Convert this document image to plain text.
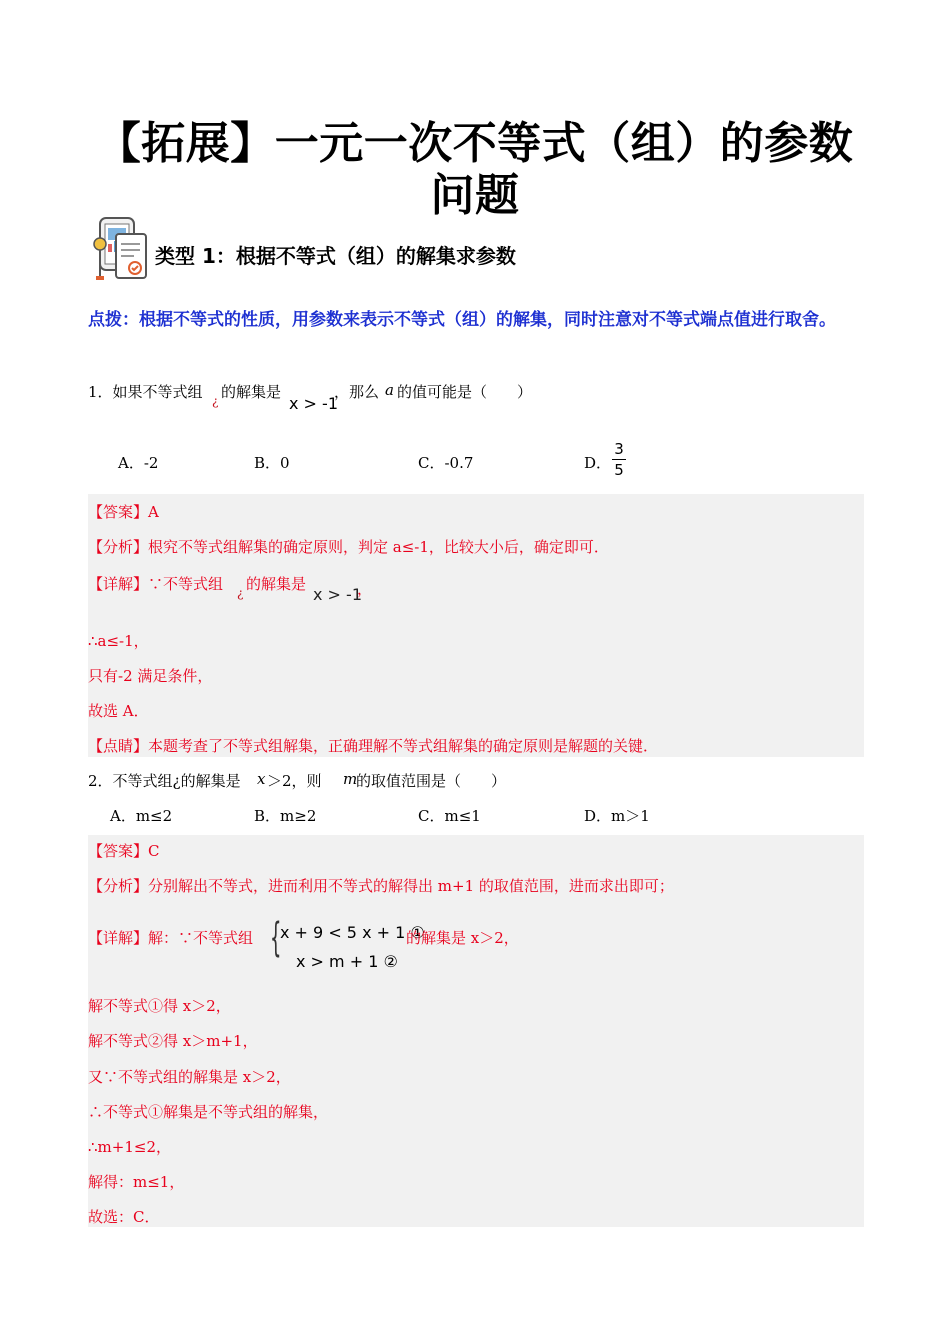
【拓展】一元一次不等式（组）的参数问题
类型 1：根据不等式（组）的解集求参数
点拨：根据不等式的性质，用参数来表示不等式（组）的解集，同时注意对不等式端点值进行取舍。
1．如果不等式组 ¿ 的解集是
x > -1
，那么 a 的值可能是（　　）
A．-2	B．0	C．-0.7	D．
3
5
【答案】A
【分析】根究不等式组解集的确定原则，判定 a≤-1，比较大小后，确定即可．
【详解】∵不等式组 ¿ 的解集是
x > -1
，
∴a≤-1，
只有-2 满足条件，
故选 A．
【点睛】本题考查了不等式组解集，正确理解不等式组解集的确定原则是解题的关键．
2．不等式组¿的解集是 x ＞2，则 m
的取值范围是（　　）
A．m≤2	B．m≥2	C．m≤1	D．m＞1
【答案】C
【分析】分别解出不等式，进而利用不等式的解得出 m+1 的取值范围，进而求出即可；
【详解】解：∵不等式组 {
x + 9 < 5 x + 1 ①
x > m + 1 ②
的解集是 x＞2，
解不等式①得 x＞2，
解不等式②得 x＞m+1，
又∵不等式组的解集是 x＞2，
∴不等式①解集是不等式组的解集，
∴m+1≤2，
解得：m≤1，
故选：C．
